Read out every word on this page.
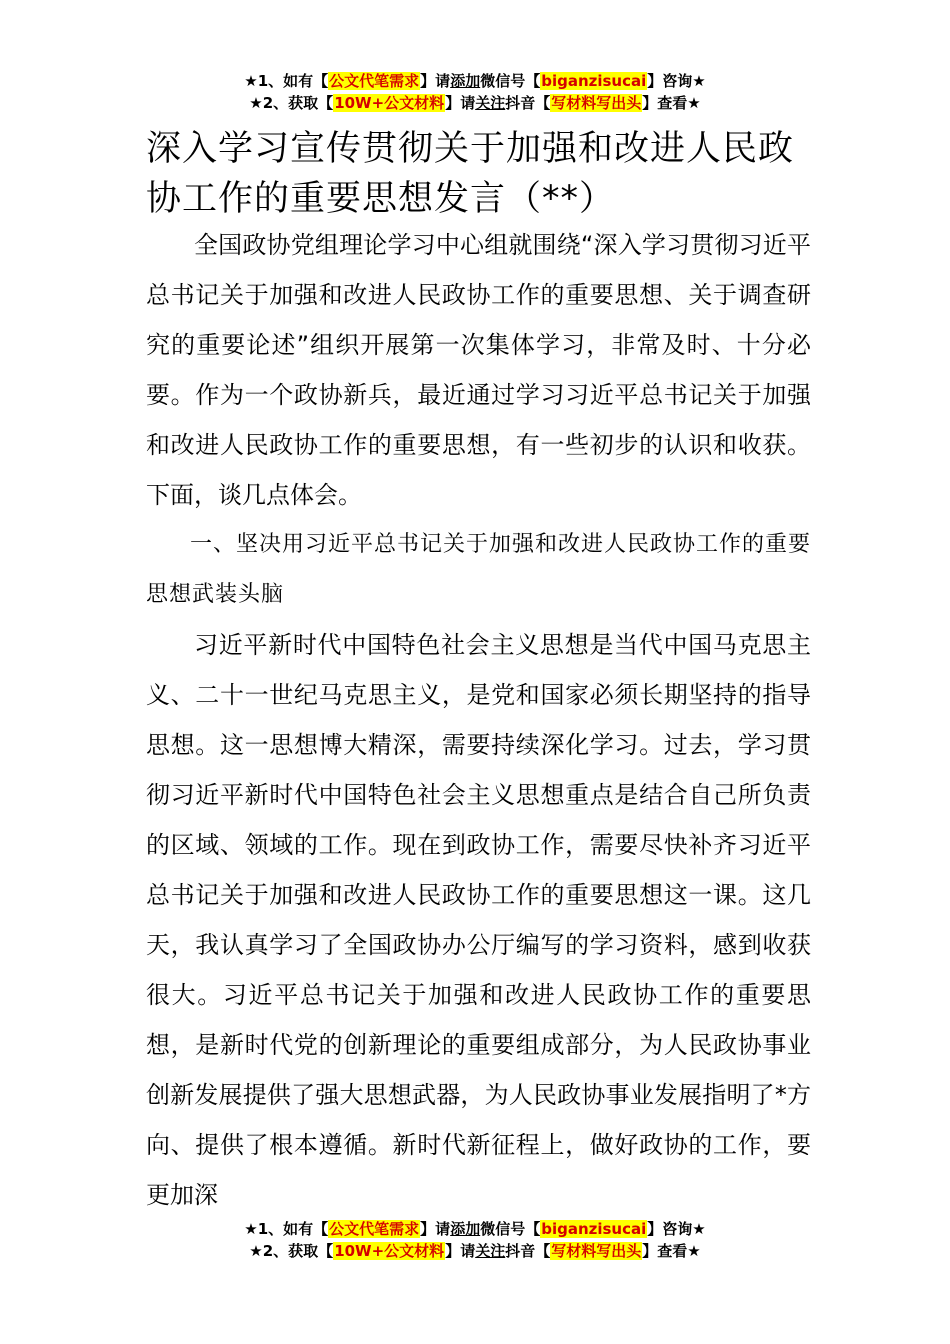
★1、如有【公文代笔需求】请添加微信号【biganzisucai】咨询★
★2、获取【10W+公文材料】请关注抖音【写材料写出头】查看★
深入学习宣传贯彻关于加强和改进人民政协工作的重要思想发言（**）

全国政协党组理论学习中心组就围绕“深入学习贯彻习近平总书记关于加强和改进人民政协工作的重要思想、关于调查研究的重要论述”组织开展第一次集体学习，非常及时、十分必要。作为一个政协新兵，最近通过学习习近平总书记关于加强和改进人民政协工作的重要思想，有一些初步的认识和收获。下面，谈几点体会。

一、坚决用习近平总书记关于加强和改进人民政协工作的重要思想武装头脑

习近平新时代中国特色社会主义思想是当代中国马克思主义、二十一世纪马克思主义，是党和国家必须长期坚持的指导思想。这一思想博大精深，需要持续深化学习。过去，学习贯彻习近平新时代中国特色社会主义思想重点是结合自己所负责的区域、领域的工作。现在到政协工作，需要尽快补齐习近平总书记关于加强和改进人民政协工作的重要思想这一课。这几天，我认真学习了全国政协办公厅编写的学习资料，感到收获很大。习近平总书记关于加强和改进人民政协工作的重要思想，是新时代党的创新理论的重要组成部分，为人民政协事业创新发展提供了强大思想武器，为人民政协事业发展指明了*方向、提供了根本遵循。新时代新征程上，做好政协的工作，要更加深

★1、如有【公文代笔需求】请添加微信号【biganzisucai】咨询★
★2、获取【10W+公文材料】请关注抖音【写材料写出头】查看★
